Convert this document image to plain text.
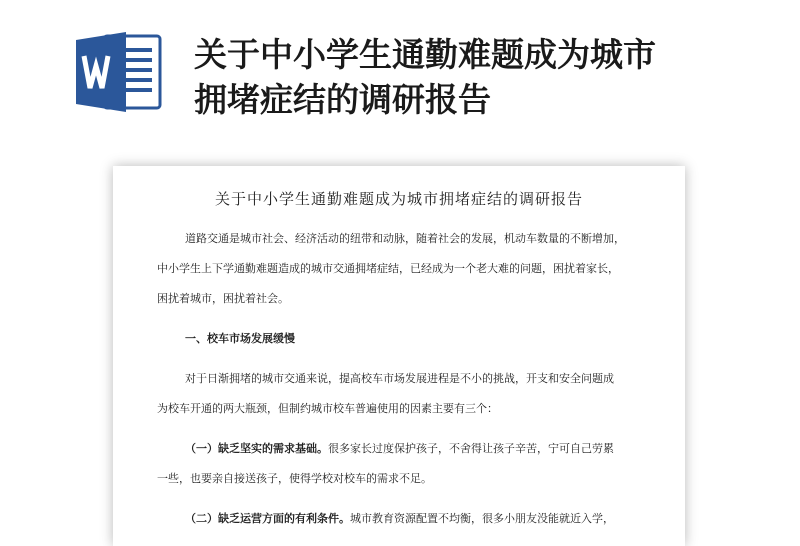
关于中小学生通勤难题成为城市
拥堵症结的调研报告
关于中小学生通勤难题成为城市拥堵症结的调研报告
道路交通是城市社会、经济活动的纽带和动脉，随着社会的发展，机动车数量的不断增加，
中小学生上下学通勤难题造成的城市交通拥堵症结，已经成为一个老大难的问题，困扰着家长，
困扰着城市，困扰着社会。
一、校车市场发展缓慢
对于日渐拥堵的城市交通来说，提高校车市场发展进程是不小的挑战，开支和安全问题成
为校车开通的两大瓶颈，但制约城市校车普遍使用的因素主要有三个：
（一）缺乏坚实的需求基础。很多家长过度保护孩子，不舍得让孩子辛苦，宁可自己劳累
一些，也要亲自接送孩子，使得学校对校车的需求不足。
（二）缺乏运营方面的有利条件。城市教育资源配置不均衡，很多小朋友没能就近入学，
